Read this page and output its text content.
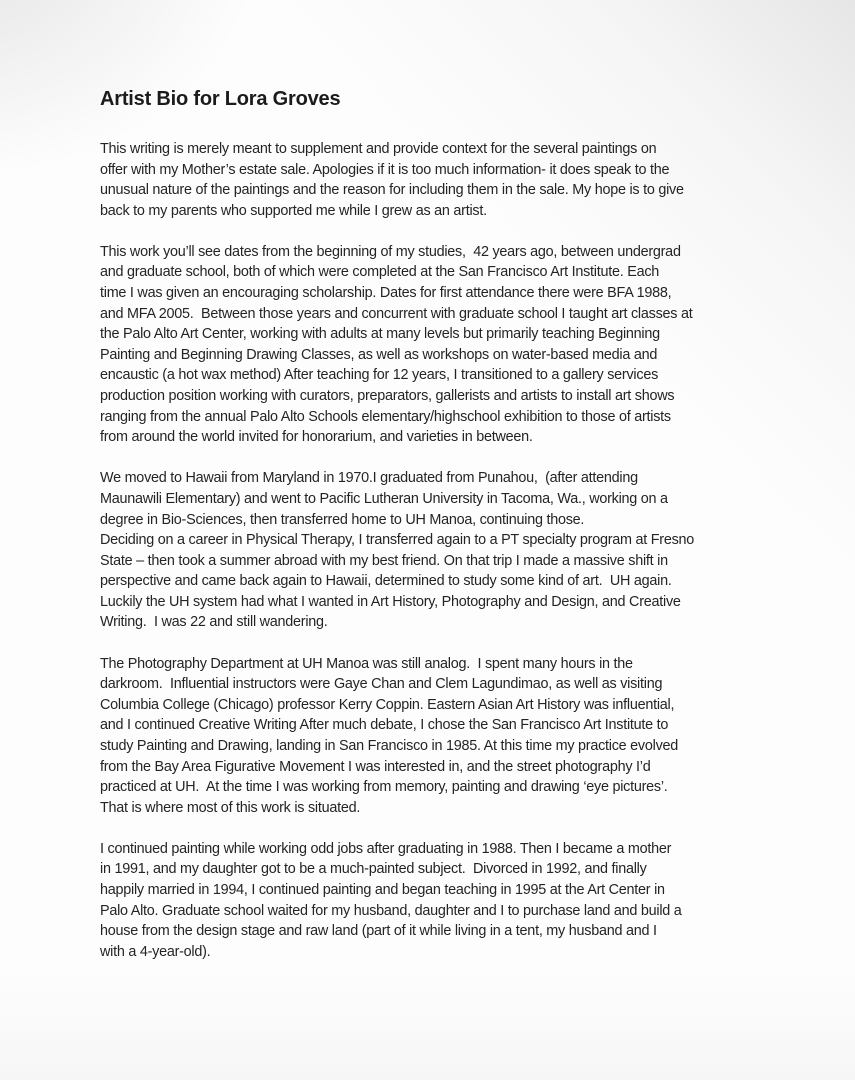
Artist Bio for Lora Groves
This writing is merely meant to supplement and provide context for the several paintings on
offer with my Mother’s estate sale. Apologies if it is too much information- it does speak to the
unusual nature of the paintings and the reason for including them in the sale. My hope is to give
back to my parents who supported me while I grew as an artist.
This work you’ll see dates from the beginning of my studies,  42 years ago, between undergrad
and graduate school, both of which were completed at the San Francisco Art Institute. Each
time I was given an encouraging scholarship. Dates for first attendance there were BFA 1988,
and MFA 2005.  Between those years and concurrent with graduate school I taught art classes at
the Palo Alto Art Center, working with adults at many levels but primarily teaching Beginning
Painting and Beginning Drawing Classes, as well as workshops on water-based media and
encaustic (a hot wax method) After teaching for 12 years, I transitioned to a gallery services
production position working with curators, preparators, gallerists and artists to install art shows
ranging from the annual Palo Alto Schools elementary/highschool exhibition to those of artists
from around the world invited for honorarium, and varieties in between.
We moved to Hawaii from Maryland in 1970.I graduated from Punahou,  (after attending
Maunawili Elementary) and went to Pacific Lutheran University in Tacoma, Wa., working on a
degree in Bio-Sciences, then transferred home to UH Manoa, continuing those.
Deciding on a career in Physical Therapy, I transferred again to a PT specialty program at Fresno
State – then took a summer abroad with my best friend. On that trip I made a massive shift in
perspective and came back again to Hawaii, determined to study some kind of art.  UH again.
Luckily the UH system had what I wanted in Art History, Photography and Design, and Creative
Writing.  I was 22 and still wandering.
The Photography Department at UH Manoa was still analog.  I spent many hours in the
darkroom.  Influential instructors were Gaye Chan and Clem Lagundimao, as well as visiting
Columbia College (Chicago) professor Kerry Coppin. Eastern Asian Art History was influential,
and I continued Creative Writing After much debate, I chose the San Francisco Art Institute to
study Painting and Drawing, landing in San Francisco in 1985. At this time my practice evolved
from the Bay Area Figurative Movement I was interested in, and the street photography I’d
practiced at UH.  At the time I was working from memory, painting and drawing ‘eye pictures’.
That is where most of this work is situated.
I continued painting while working odd jobs after graduating in 1988. Then I became a mother
in 1991, and my daughter got to be a much-painted subject.  Divorced in 1992, and finally
happily married in 1994, I continued painting and began teaching in 1995 at the Art Center in
Palo Alto. Graduate school waited for my husband, daughter and I to purchase land and build a
house from the design stage and raw land (part of it while living in a tent, my husband and I
with a 4-year-old).
